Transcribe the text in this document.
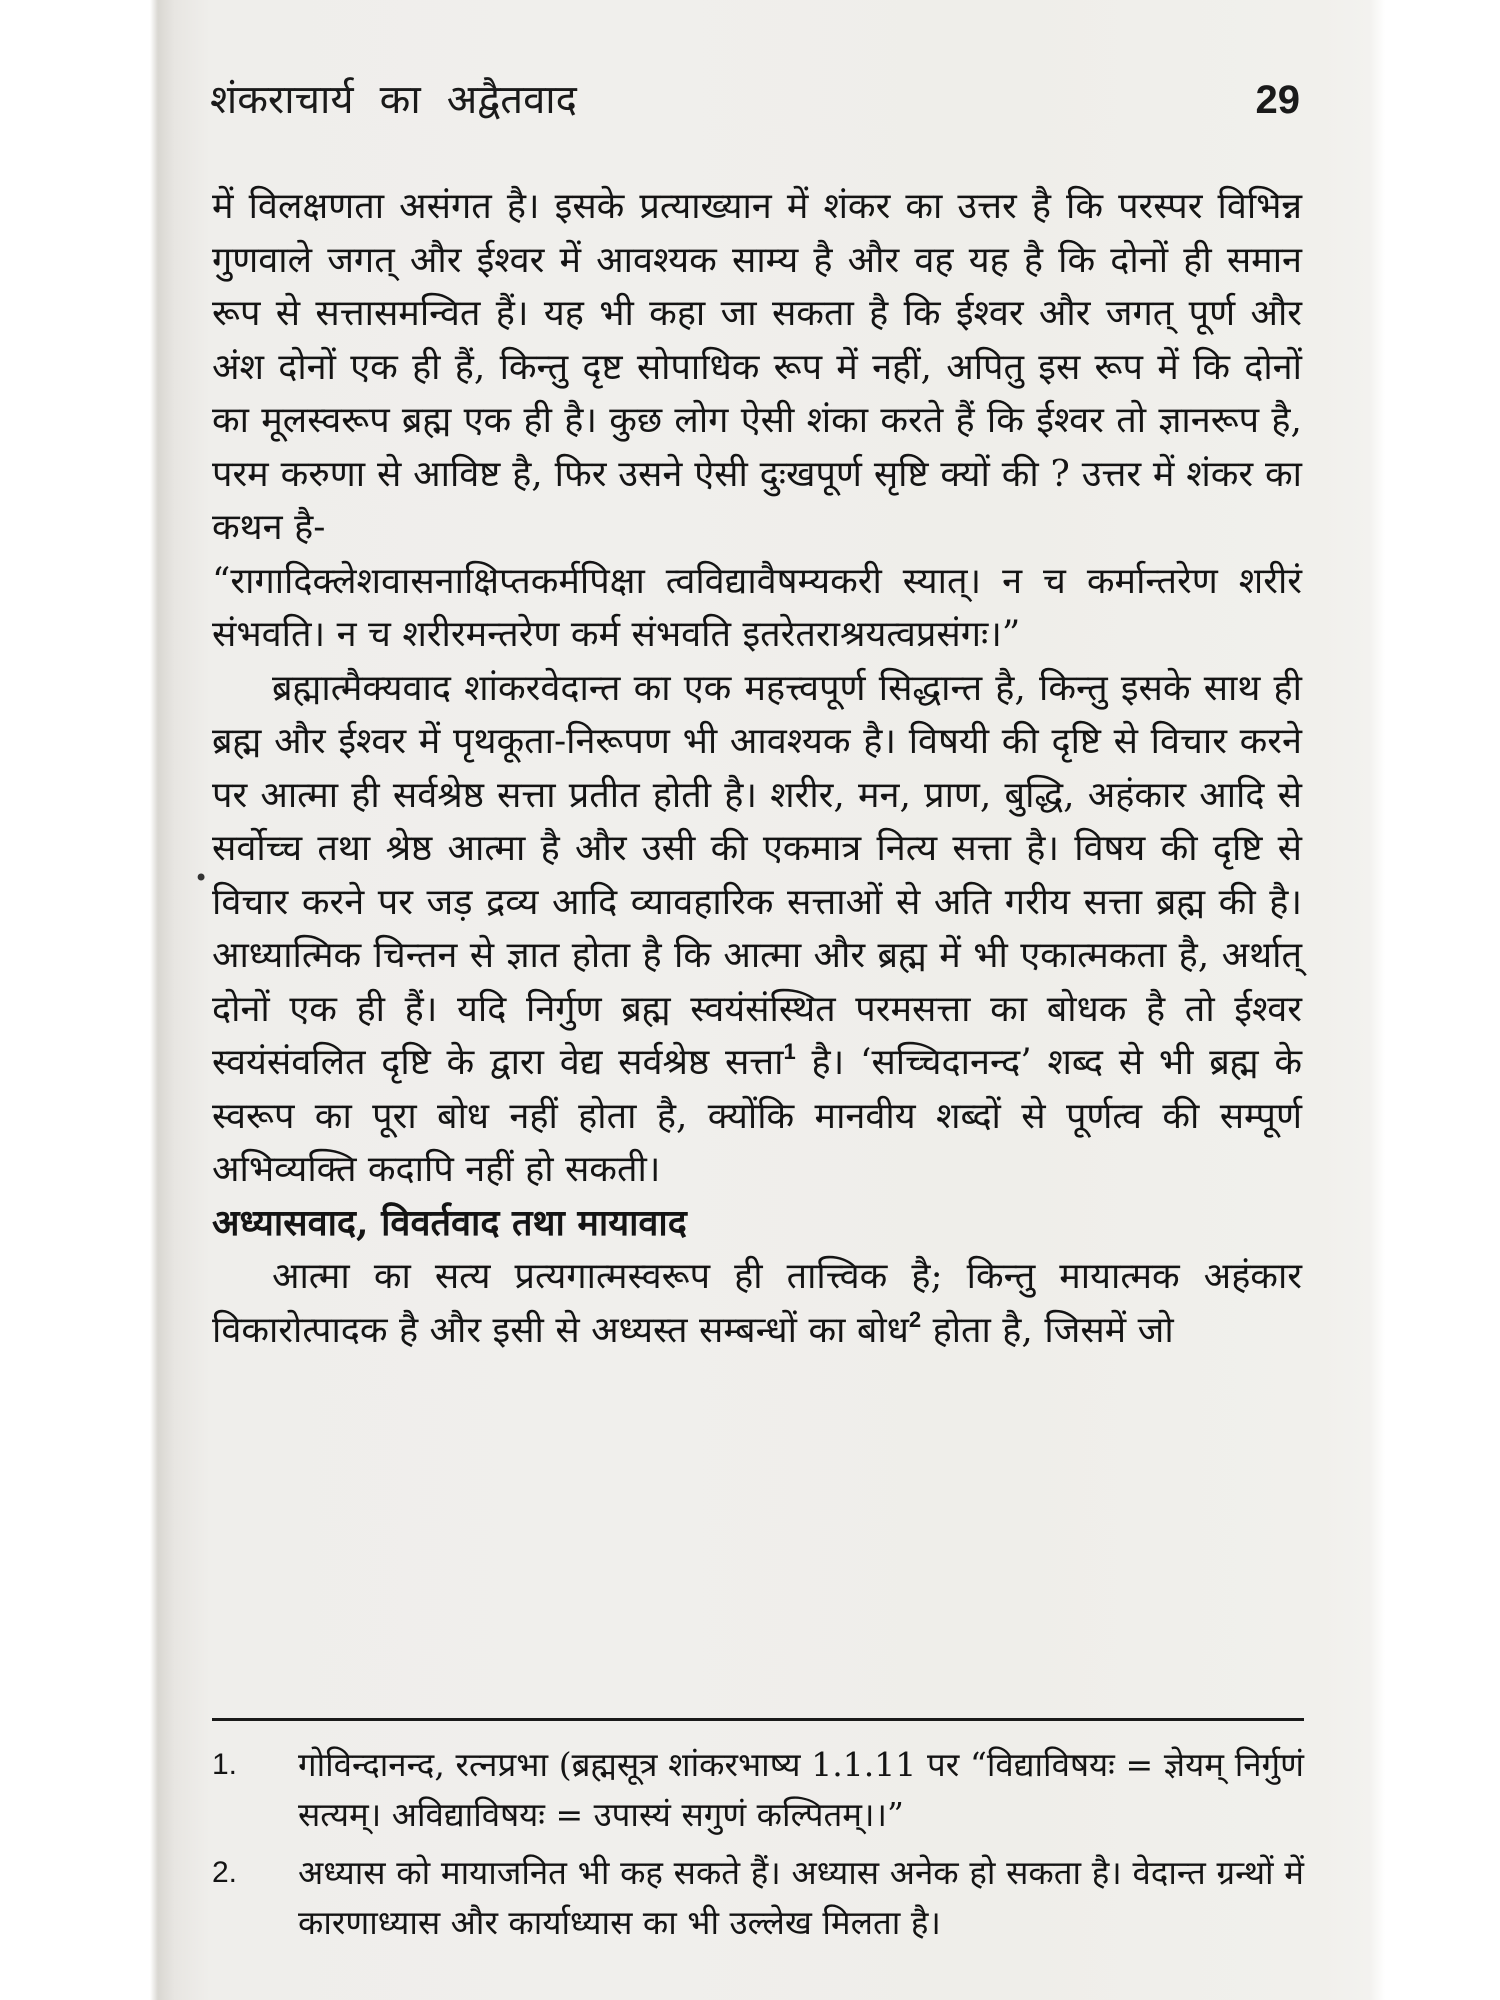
शंकराचार्य का अद्वैतवाद	29
•

में विलक्षणता असंगत है। इसके प्रत्याख्यान में शंकर का उत्तर है कि परस्पर विभिन्न गुणवाले जगत् और ईश्वर में आवश्यक साम्य है और वह यह है कि दोनों ही समान रूप से सत्तासमन्वित हैं। यह भी कहा जा सकता है कि ईश्वर और जगत् पूर्ण और अंश दोनों एक ही हैं, किन्तु दृष्ट सोपाधिक रूप में नहीं, अपितु इस रूप में कि दोनों का मूलस्वरूप ब्रह्म एक ही है। कुछ लोग ऐसी शंका करते हैं कि ईश्वर तो ज्ञानरूप है, परम करुणा से आविष्ट है, फिर उसने ऐसी दुःखपूर्ण सृष्टि क्यों की ? उत्तर में शंकर का कथन है-

“रागादिक्लेशवासनाक्षिप्तकर्मपिक्षा त्वविद्यावैषम्यकरी स्यात्। न च कर्मान्तरेण शरीरं संभवति। न च शरीरमन्तरेण कर्म संभवति इतरेतराश्रयत्वप्रसंगः।”

ब्रह्मात्मैक्यवाद शांकरवेदान्त का एक महत्त्वपूर्ण सिद्धान्त है, किन्तु इसके साथ ही ब्रह्म और ईश्वर में पृथकूता-निरूपण भी आवश्यक है। विषयी की दृष्टि से विचार करने पर आत्मा ही सर्वश्रेष्ठ सत्ता प्रतीत होती है। शरीर, मन, प्राण, बुद्धि, अहंकार आदि से सर्वोच्च तथा श्रेष्ठ आत्मा है और उसी की एकमात्र नित्य सत्ता है। विषय की दृष्टि से विचार करने पर जड़ द्रव्य आदि व्यावहारिक सत्ताओं से अति गरीय सत्ता ब्रह्म की है। आध्यात्मिक चिन्तन से ज्ञात होता है कि आत्मा और ब्रह्म में भी एकात्मकता है, अर्थात् दोनों एक ही हैं। यदि निर्गुण ब्रह्म स्वयंसंस्थित परमसत्ता का बोधक है तो ईश्वर स्वयंसंवलित दृष्टि के द्वारा वेद्य सर्वश्रेष्ठ सत्ता$^1$ है। ‘सच्चिदानन्द’ शब्द से भी ब्रह्म के स्वरूप का पूरा बोध नहीं होता है, क्योंकि मानवीय शब्दों से पूर्णत्व की सम्पूर्ण अभिव्यक्ति कदापि नहीं हो सकती।

अध्यासवाद, विवर्तवाद तथा मायावाद

आत्मा का सत्य प्रत्यगात्मस्वरूप ही तात्त्विक है; किन्तु मायात्मक अहंकार विकारोत्पादक है और इसी से अध्यस्त सम्बन्धों का बोध$^2$ होता है, जिसमें जो

1. गोविन्दानन्द, रत्नप्रभा (ब्रह्मसूत्र शांकरभाष्य 1.1.11 पर “विद्याविषयः = ज्ञेयम् निर्गुणं सत्यम्। अविद्याविषयः = उपास्यं सगुणं कल्पितम्।।”
2. अध्यास को मायाजनित भी कह सकते हैं। अध्यास अनेक हो सकता है। वेदान्त ग्रन्थों में कारणाध्यास और कार्याध्यास का भी उल्लेख मिलता है।
